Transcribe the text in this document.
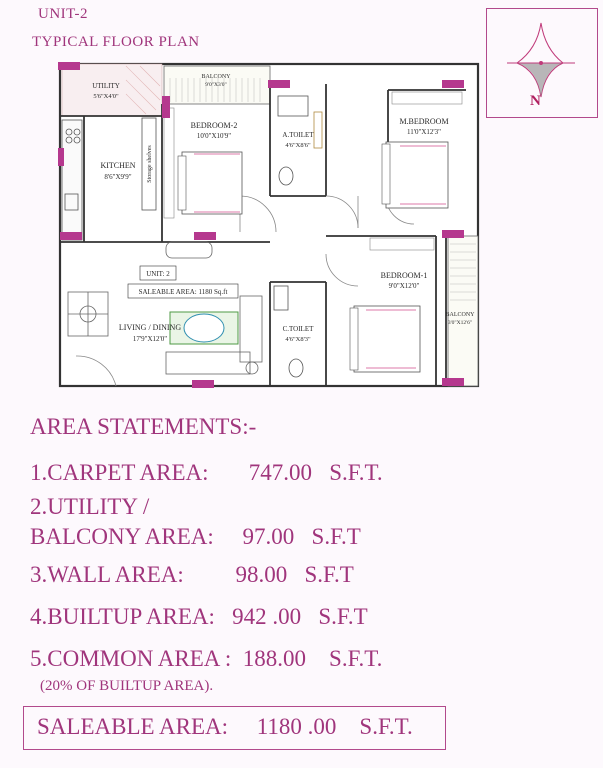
UNIT-2
TYPICAL FLOOR PLAN
N
UTILITY
5'6"X4'0"
BALCONY
9'0"X3'0"
KITCHEN
8'6"X9'9"
BEDROOM-2
10'0"X10'9"	A.TOILET
4'6"X8'6"
M.BEDROOM
11'0"X12'3"
BEDROOM-1
9'0"X12'0"
C.TOILET
4'6"X8'3"
LIVING / DINING
17'9"X12'0"
BALCONY
3'0"X12'6"
UNIT: 2
SALEABLE AREA: 1180 Sq.ft
Storage shelves
AREA STATEMENTS:-
1.CARPET AREA:       747.00   S.F.T.
2.UTILITY /
BALCONY AREA:     97.00   S.F.T
3.WALL AREA:         98.00   S.F.T
4.BUILTUP AREA:   942 .00   S.F.T
5.COMMON AREA :  188.00    S.F.T.
(20% OF BUILTUP AREA).
SALEABLE AREA:     1180 .00    S.F.T.
